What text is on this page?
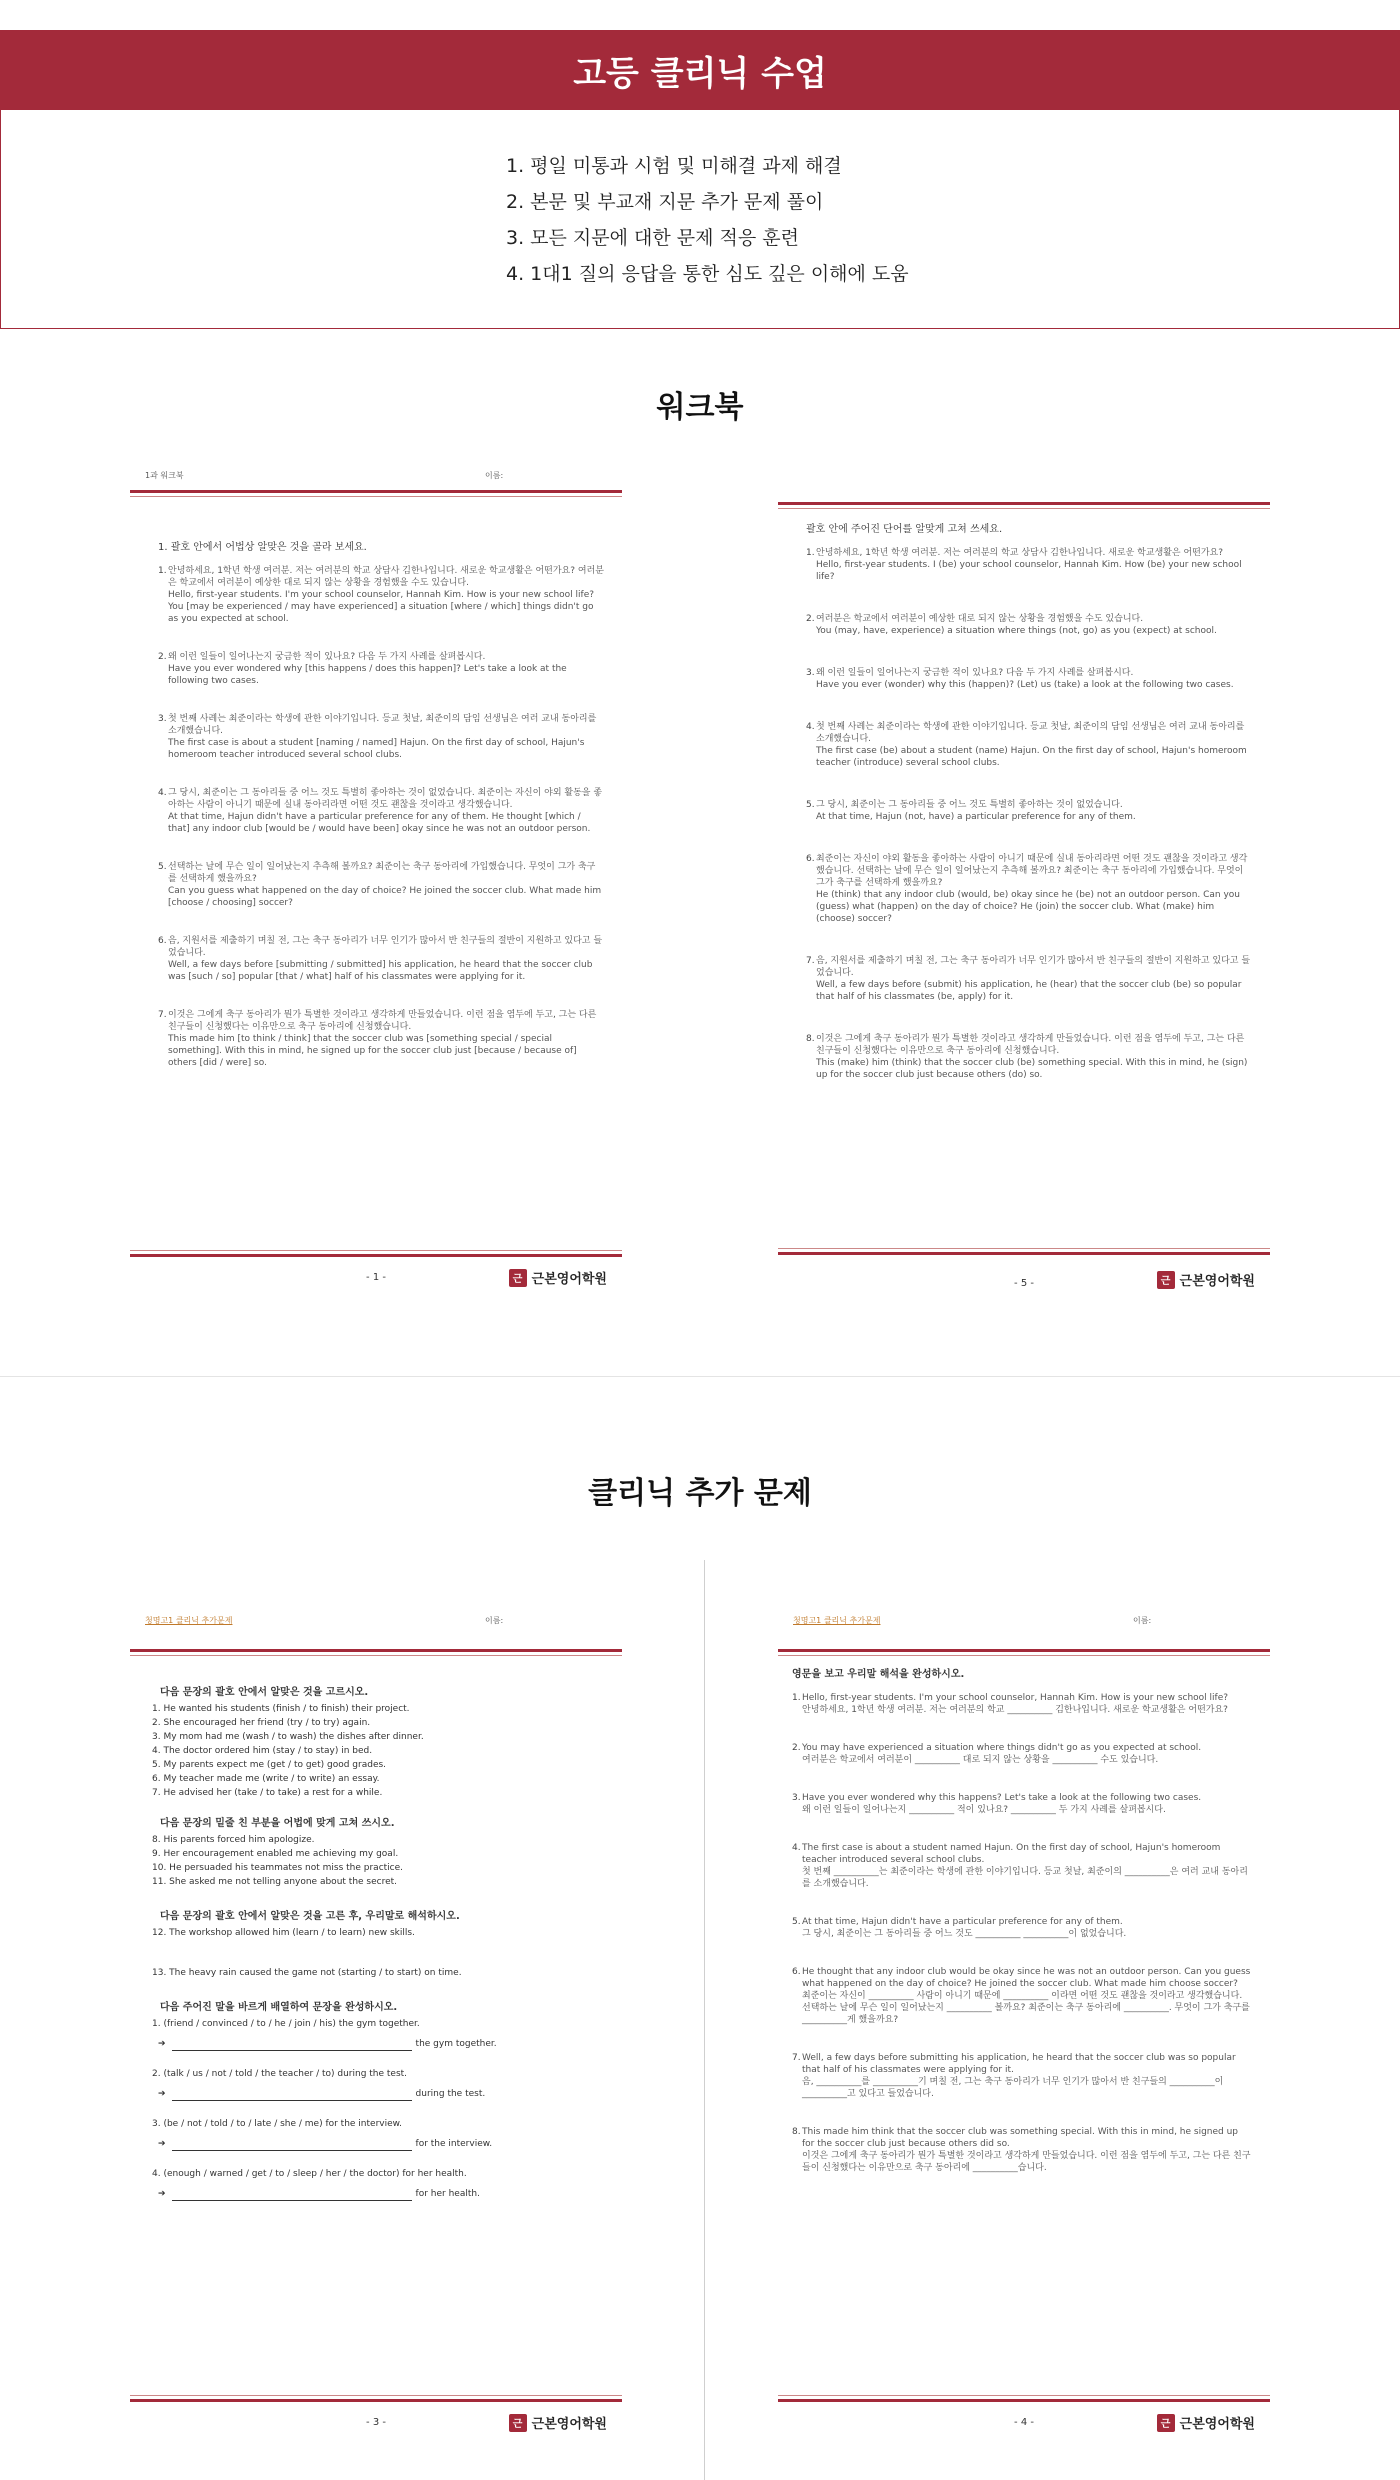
고등 클리닉 수업
1. 평일 미통과 시험 및 미해결 과제 해결
2. 본문 및 부교재 지문 추가 문제 풀이
3. 모든 지문에 대한 문제 적응 훈련
4. 1대1 질의 응답을 통한 심도 깊은 이해에 도움
워크북
1과 워크북	이름:
1. 괄호 안에서 어법상 알맞은 것을 골라 보세요.
1. 안녕하세요, 1학년 학생 여러분. 저는 여러분의 학교 상담사 김한나입니다. 새로운 학교생활은 어떤가요? 여러분은 학교에서 여러분이 예상한 대로 되지 않는 상황을 경험했을 수도 있습니다.
Hello, first-year students. I'm your school counselor, Hannah Kim. How is your new school life? You [may be experienced / may have experienced] a situation [where / which] things didn't go as you expected at school.
2. 왜 이런 일들이 일어나는지 궁금한 적이 있나요? 다음 두 가지 사례를 살펴봅시다.
Have you ever wondered why [this happens / does this happen]? Let's take a look at the following two cases.
3. 첫 번째 사례는 최준이라는 학생에 관한 이야기입니다. 등교 첫날, 최준이의 담임 선생님은 여러 교내 동아리를 소개했습니다.
The first case is about a student [naming / named] Hajun. On the first day of school, Hajun's homeroom teacher introduced several school clubs.
4. 그 당시, 최준이는 그 동아리들 중 어느 것도 특별히 좋아하는 것이 없었습니다. 최준이는 자신이 야외 활동을 좋아하는 사람이 아니기 때문에 실내 동아리라면 어떤 것도 괜찮을 것이라고 생각했습니다.
At that time, Hajun didn't have a particular preference for any of them. He thought [which / that] any indoor club [would be / would have been] okay since he was not an outdoor person.
5. 선택하는 날에 무슨 일이 일어났는지 추측해 볼까요? 최준이는 축구 동아리에 가입했습니다. 무엇이 그가 축구를 선택하게 했을까요?
Can you guess what happened on the day of choice? He joined the soccer club. What made him [choose / choosing] soccer?
6. 음, 지원서를 제출하기 며칠 전, 그는 축구 동아리가 너무 인기가 많아서 반 친구들의 절반이 지원하고 있다고 들었습니다.
Well, a few days before [submitting / submitted] his application, he heard that the soccer club was [such / so] popular [that / what] half of his classmates were applying for it.
7. 이것은 그에게 축구 동아리가 뭔가 특별한 것이라고 생각하게 만들었습니다. 이런 점을 염두에 두고, 그는 다른 친구들이 신청했다는 이유만으로 축구 동아리에 신청했습니다.
This made him [to think / think] that the soccer club was [something special / special something]. With this in mind, he signed up for the soccer club just [because / because of] others [did / were] so.
- 1 -	근 근본영어학원
괄호 안에 주어진 단어를 알맞게 고쳐 쓰세요.
1. 안녕하세요, 1학년 학생 여러분. 저는 여러분의 학교 상담사 김한나입니다. 새로운 학교생활은 어떤가요?
Hello, first-year students. I (be) your school counselor, Hannah Kim. How (be) your new school life?
2. 여러분은 학교에서 여러분이 예상한 대로 되지 않는 상황을 경험했을 수도 있습니다.
You (may, have, experience) a situation where things (not, go) as you (expect) at school.
3. 왜 이런 일들이 일어나는지 궁금한 적이 있나요? 다음 두 가지 사례를 살펴봅시다.
Have you ever (wonder) why this (happen)? (Let) us (take) a look at the following two cases.
4. 첫 번째 사례는 최준이라는 학생에 관한 이야기입니다. 등교 첫날, 최준이의 담임 선생님은 여러 교내 동아리를 소개했습니다.
The first case (be) about a student (name) Hajun. On the first day of school, Hajun's homeroom teacher (introduce) several school clubs.
5. 그 당시, 최준이는 그 동아리들 중 어느 것도 특별히 좋아하는 것이 없었습니다.
At that time, Hajun (not, have) a particular preference for any of them.
6. 최준이는 자신이 야외 활동을 좋아하는 사람이 아니기 때문에 실내 동아리라면 어떤 것도 괜찮을 것이라고 생각했습니다. 선택하는 날에 무슨 일이 일어났는지 추측해 볼까요? 최준이는 축구 동아리에 가입했습니다. 무엇이 그가 축구를 선택하게 했을까요?
He (think) that any indoor club (would, be) okay since he (be) not an outdoor person. Can you (guess) what (happen) on the day of choice? He (join) the soccer club. What (make) him (choose) soccer?
7. 음, 지원서를 제출하기 며칠 전, 그는 축구 동아리가 너무 인기가 많아서 반 친구들의 절반이 지원하고 있다고 들었습니다.
Well, a few days before (submit) his application, he (hear) that the soccer club (be) so popular that half of his classmates (be, apply) for it.
8. 이것은 그에게 축구 동아리가 뭔가 특별한 것이라고 생각하게 만들었습니다. 이런 점을 염두에 두고, 그는 다른 친구들이 신청했다는 이유만으로 축구 동아리에 신청했습니다.
This (make) him (think) that the soccer club (be) something special. With this in mind, he (sign) up for the soccer club just because others (do) so.
- 5 -	근 근본영어학원
클리닉 추가 문제
청명고1 클리닉 추가문제	이름:
다음 문장의 괄호 안에서 알맞은 것을 고르시오.
1. He wanted his students (finish / to finish) their project.
2. She encouraged her friend (try / to try) again.
3. My mom had me (wash / to wash) the dishes after dinner.
4. The doctor ordered him (stay / to stay) in bed.
5. My parents expect me (get / to get) good grades.
6. My teacher made me (write / to write) an essay.
7. He advised her (take / to take) a rest for a while.
다음 문장의 밑줄 친 부분을 어법에 맞게 고쳐 쓰시오.
8. His parents forced him apologize.
9. Her encouragement enabled me achieving my goal.
10. He persuaded his teammates not miss the practice.
11. She asked me not telling anyone about the secret.
다음 문장의 괄호 안에서 알맞은 것을 고른 후, 우리말로 해석하시오.
12. The workshop allowed him (learn / to learn) new skills.
13. The heavy rain caused the game not (starting / to start) on time.
다음 주어진 말을 바르게 배열하여 문장을 완성하시오.
1. (friend / convinced / to / he / join / his) the gym together.
➔	the gym together.
2. (talk / us / not / told / the teacher / to) during the test.
➔	during the test.
3. (be / not / told / to / late / she / me) for the interview.
➔	for the interview.
4. (enough / warned / get / to / sleep / her / the doctor) for her health.
➔	for her health.
- 3 -	근 근본영어학원
청명고1 클리닉 추가문제	이름:
영문을 보고 우리말 해석을 완성하시오.
1. Hello, first-year students. I'm your school counselor, Hannah Kim. How is your new school life?
안녕하세요, 1학년 학생 여러분. 저는 여러분의 학교 __________ 김한나입니다. 새로운 학교생활은 어떤가요?
2. You may have experienced a situation where things didn't go as you expected at school.
여러분은 학교에서 여러분이 __________ 대로 되지 않는 상황을 __________ 수도 있습니다.
3. Have you ever wondered why this happens? Let's take a look at the following two cases.
왜 이런 일들이 일어나는지 __________ 적이 있나요? __________ 두 가지 사례를 살펴봅시다.
4. The first case is about a student named Hajun. On the first day of school, Hajun's homeroom teacher introduced several school clubs.
첫 번째 __________는 최준이라는 학생에 관한 이야기입니다. 등교 첫날, 최준이의 __________은 여러 교내 동아리를 소개했습니다.
5. At that time, Hajun didn't have a particular preference for any of them.
그 당시, 최준이는 그 동아리들 중 어느 것도 __________ __________이 없었습니다.
6. He thought that any indoor club would be okay since he was not an outdoor person. Can you guess what happened on the day of choice? He joined the soccer club. What made him choose soccer?
최준이는 자신이 __________ 사람이 아니기 때문에 __________ 이라면 어떤 것도 괜찮을 것이라고 생각했습니다. 선택하는 날에 무슨 일이 일어났는지 __________ 볼까요? 최준이는 축구 동아리에 __________. 무엇이 그가 축구를 __________게 했을까요?
7. Well, a few days before submitting his application, he heard that the soccer club was so popular that half of his classmates were applying for it.
음, __________를 __________기 며칠 전, 그는 축구 동아리가 너무 인기가 많아서 반 친구들의 __________이 __________고 있다고 들었습니다.
8. This made him think that the soccer club was something special. With this in mind, he signed up for the soccer club just because others did so.
이것은 그에게 축구 동아리가 뭔가 특별한 것이라고 생각하게 만들었습니다. 이런 점을 염두에 두고, 그는 다른 친구들이 신청했다는 이유만으로 축구 동아리에 __________습니다.
- 4 -	근 근본영어학원
